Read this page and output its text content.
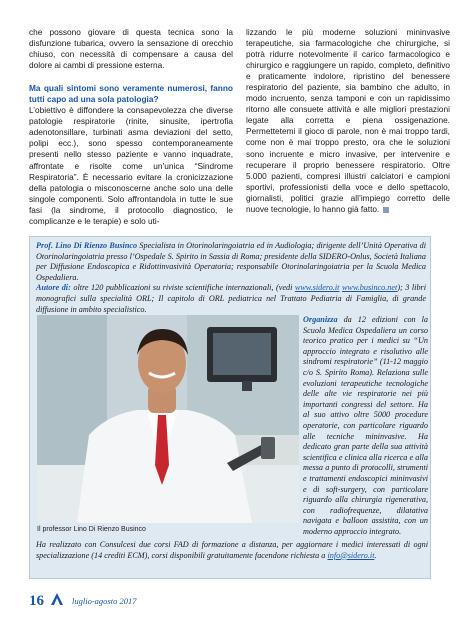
che possono giovare di questa tecnica sono la disfunzione tubarica, ovvero la sensazione di orecchio chiuso, con necessità di compensare a causa del dolore ai cambi di pressione esterna.

Ma quali sintomi sono veramente numerosi, fanno tutti capo ad una sola patologia?

L’obiettivo è diffondere la consapevolezza che diverse patologie respiratorie (rinite, sinusite, ipertrofia adenotonsillare, turbinati asma deviazioni del setto, polipi ecc.), sono spesso contemporaneamente presenti nello stesso paziente e vanno inquadrate, affrontate e risolte come un’unica “Sindrome Respiratoria”. È necessario evitare la cronicizzazione della patologia o misconoscerne anche solo una delle singole componenti. Solo affrontandola in tutte le sue fasi (la sindrome, il protocollo diagnostico, le complicanze e le terapie) e solo uti-

lizzando le più moderne soluzioni mininvasive terapeutiche, sia farmacologiche che chirurgiche, si potrà ridurre notevolmente il carico farmacologico e chirurgico e raggiungere un rapido, completo, definitivo e praticamente indolore, ripristino del benessere respiratorio del paziente, sia bambino che adulto, in modo incruento, senza tamponi e con un rapidissimo ritorno alle consuete attività e alle migliori prestazioni legate alla corretta e piena ossigenazione. Permettetemi il gioco di parole, non è mai troppo tardi, come non è mai troppo presto, ora che le soluzioni sono incruente e micro invasive, per intervenire e recuperare il proprio benessere respiratorio. Oltre 5.000 pazienti, compresi illustri calciatori e campioni sportivi, professionisti della voce e dello spettacolo, giornalisti, politici grazie all’impiego corretto delle nuove tecnologie, lo hanno già fatto.

Prof. Lino Di Rienzo Businco Specialista in Otorinolaringoiatria ed in Audiologia; dirigente dell’Unità Operativa di Otorinolaringoiatria presso l’Ospedale S. Spirito in Sassia di Roma; presidente della SIDERO-Onlus, Società Italiana per Diffusione Endoscopica e Ridottinvasività Operatoria; responsabile Otorinolaringoiatria per la Scuola Medica Ospedaliera.
Autore di: oltre 120 pubblicazioni su riviste scientifiche internazionali, (vedi www.sidero.it www.businco.net); 3 libri monografici sulla specialità ORL; Il capitolo di ORL pediatrica nel Trattato Pediatria di Famiglia, di grande diffusione in ambito specialistico.
Il professor Lino Di Rienzo Businco
Organizza da 12 edizioni con la Scuola Medica Ospedaliera un corso teorico pratico per i medici su “Un approccio integrato e risolutivo alle sindromi respiratorie” (11-12 maggio c/o S. Spirito Roma). Relaziona sulle evoluzioni terapeutiche tecnologiche delle alte vie respiratorie nei più importanti congressi del settore. Ha al suo attivo oltre 5000 procedure operatorie, con particolare riguardo alle tecniche mininvasive. Ha dedicato gran parte della sua attività scientifica e clinica alla ricerca e alla messa a punto di protocolli, strumenti e trattamenti endoscopici mininvasivi e di soft-surgery, con particolare riguardo alla chirurgia rigenerativa, con radiofrequenze, dilatativa navigata e balloon assistita, con un moderno approccio integrato.
Ha realizzato con Consulcesi due corsi FAD di formazione a distanza, per aggiornare i medici interessati di ogni specializzazione (14 crediti ECM), corsi disponibili gratuitamente facendone richiesta a info@sidero.it.
16	luglio-agosto 2017
